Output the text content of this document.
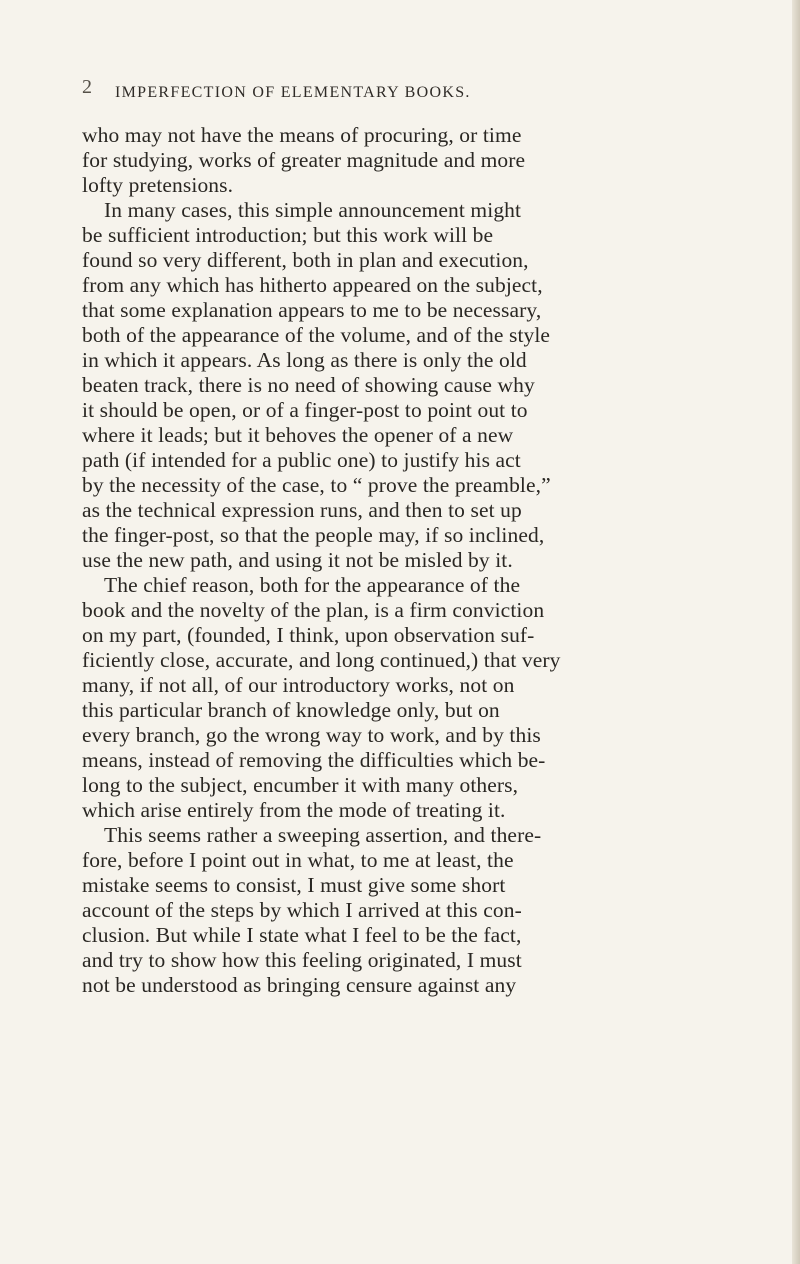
2 IMPERFECTION OF ELEMENTARY BOOKS.
who may not have the means of procuring, or time
for studying, works of greater magnitude and more
lofty pretensions.
In many cases, this simple announcement might
be sufficient introduction; but this work will be
found so very different, both in plan and execution,
from any which has hitherto appeared on the subject,
that some explanation appears to me to be necessary,
both of the appearance of the volume, and of the style
in which it appears. As long as there is only the old
beaten track, there is no need of showing cause why
it should be open, or of a finger-post to point out to
where it leads; but it behoves the opener of a new
path (if intended for a public one) to justify his act
by the necessity of the case, to “ prove the preamble,”
as the technical expression runs, and then to set up
the finger-post, so that the people may, if so inclined,
use the new path, and using it not be misled by it.
The chief reason, both for the appearance of the
book and the novelty of the plan, is a firm conviction
on my part, (founded, I think, upon observation suf-
ficiently close, accurate, and long continued,) that very
many, if not all, of our introductory works, not on
this particular branch of knowledge only, but on
every branch, go the wrong way to work, and by this
means, instead of removing the difficulties which be-
long to the subject, encumber it with many others,
which arise entirely from the mode of treating it.
This seems rather a sweeping assertion, and there-
fore, before I point out in what, to me at least, the
mistake seems to consist, I must give some short
account of the steps by which I arrived at this con-
clusion. But while I state what I feel to be the fact,
and try to show how this feeling originated, I must
not be understood as bringing censure against any
